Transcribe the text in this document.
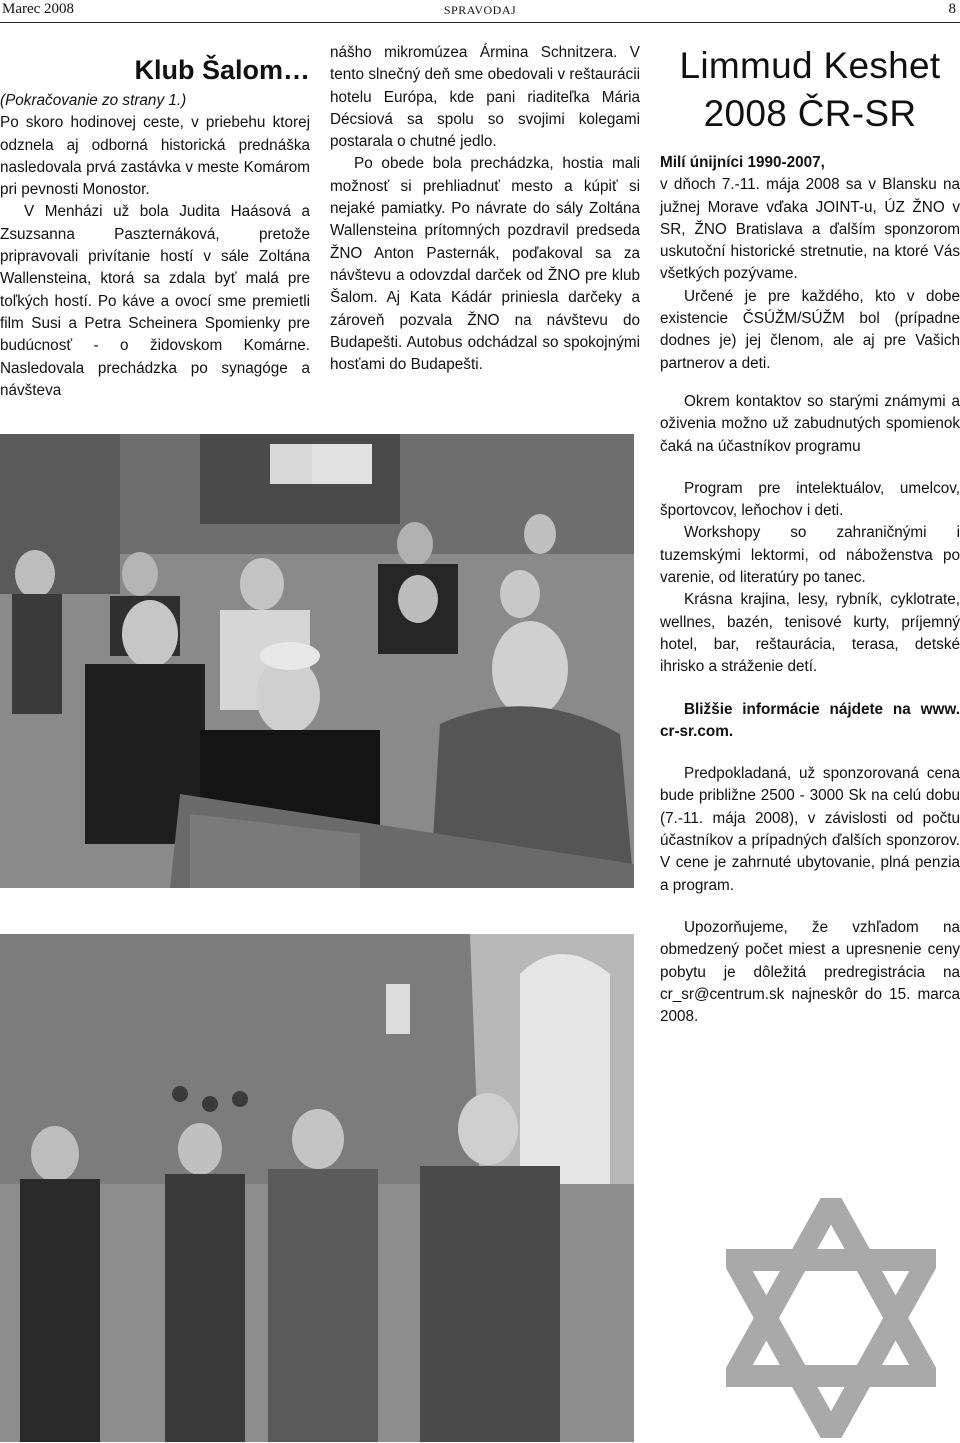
Marec 2008	SPRAVODAJ	8
Klub Šalom…

(Pokračovanie zo strany 1.)

Po skoro hodinovej ceste, v priebehu ktorej odznela aj odborná historická prednáška nasledovala prvá zastávka v meste Komárom pri pevnosti Monostor.

V Menházi už bola Judita Haásová a Zsuzsanna Paszternáková, pretože pripravovali privítanie hostí v sále Zoltána Wallensteina, ktorá sa zdala byť malá pre toľkých hostí. Po káve a ovocí sme premietli film Susi a Petra Scheinera Spomienky pre budúcnosť - o židovskom Komárne. Nasledovala prechádzka po synagóge a návšteva

nášho mikromúzea Ármina Schnitzera. V tento slnečný deň sme obedovali v reštaurácii hotelu Európa, kde pani riaditeľka Mária Décsiová sa spolu so svojimi kolegami postarala o chutné jedlo.

Po obede bola prechádzka, hostia mali možnosť si prehliadnuť mesto a kúpiť si nejaké pamiatky. Po návrate do sály Zoltána Wallensteina prítomných pozdravil predseda ŽNO Anton Pasternák, poďakoval sa za návštevu a odovzdal darček od ŽNO pre klub Šalom. Aj Kata Kádár priniesla darčeky a zároveň pozvala ŽNO na návštevu do Budapešti. Autobus odchádzal so spokojnými hosťami do Budapešti.

Limmud Keshet
2008 ČR-SR

Milí únijníci 1990-2007,

v dňoch 7.-11. mája 2008 sa v Blansku na južnej Morave vďaka JOINT-u, ÚZ ŽNO v SR, ŽNO Bratislava a ďalším sponzorom uskutoční historické stretnutie, na ktoré Vás všetkých pozývame.

Určené je pre každého, kto v dobe existencie ČSÚŽM/SÚŽM bol (prípadne dodnes je) jej členom, ale aj pre Vašich partnerov a deti.

Okrem kontaktov so starými známymi a oživenia možno už zabudnutých spomienok čaká na účastníkov programu

Program pre intelektuálov, umelcov, športovcov, leňochov i deti.

Workshopy so zahraničnými i tuzemskými lektormi, od náboženstva po varenie, od literatúry po tanec.

Krásna krajina, lesy, rybník, cyklotrate, wellnes, bazén, tenisové kurty, príjemný hotel, bar, reštaurácia, terasa, detské ihrisko a stráženie detí.

Bližšie informácie nájdete na www. cr-sr.com.

Predpokladaná, už sponzorovaná cena bude približne 2500 - 3000 Sk na celú dobu (7.-11. mája 2008), v závislosti od počtu účastníkov a prípadných ďalších sponzorov. V cene je zahrnuté ubytovanie, plná penzia a program.

Upozorňujeme, že vzhľadom na obmedzený počet miest a upresnenie ceny pobytu je dôležitá predregistrácia na cr_sr@centrum.sk najneskôr do 15. marca 2008.
